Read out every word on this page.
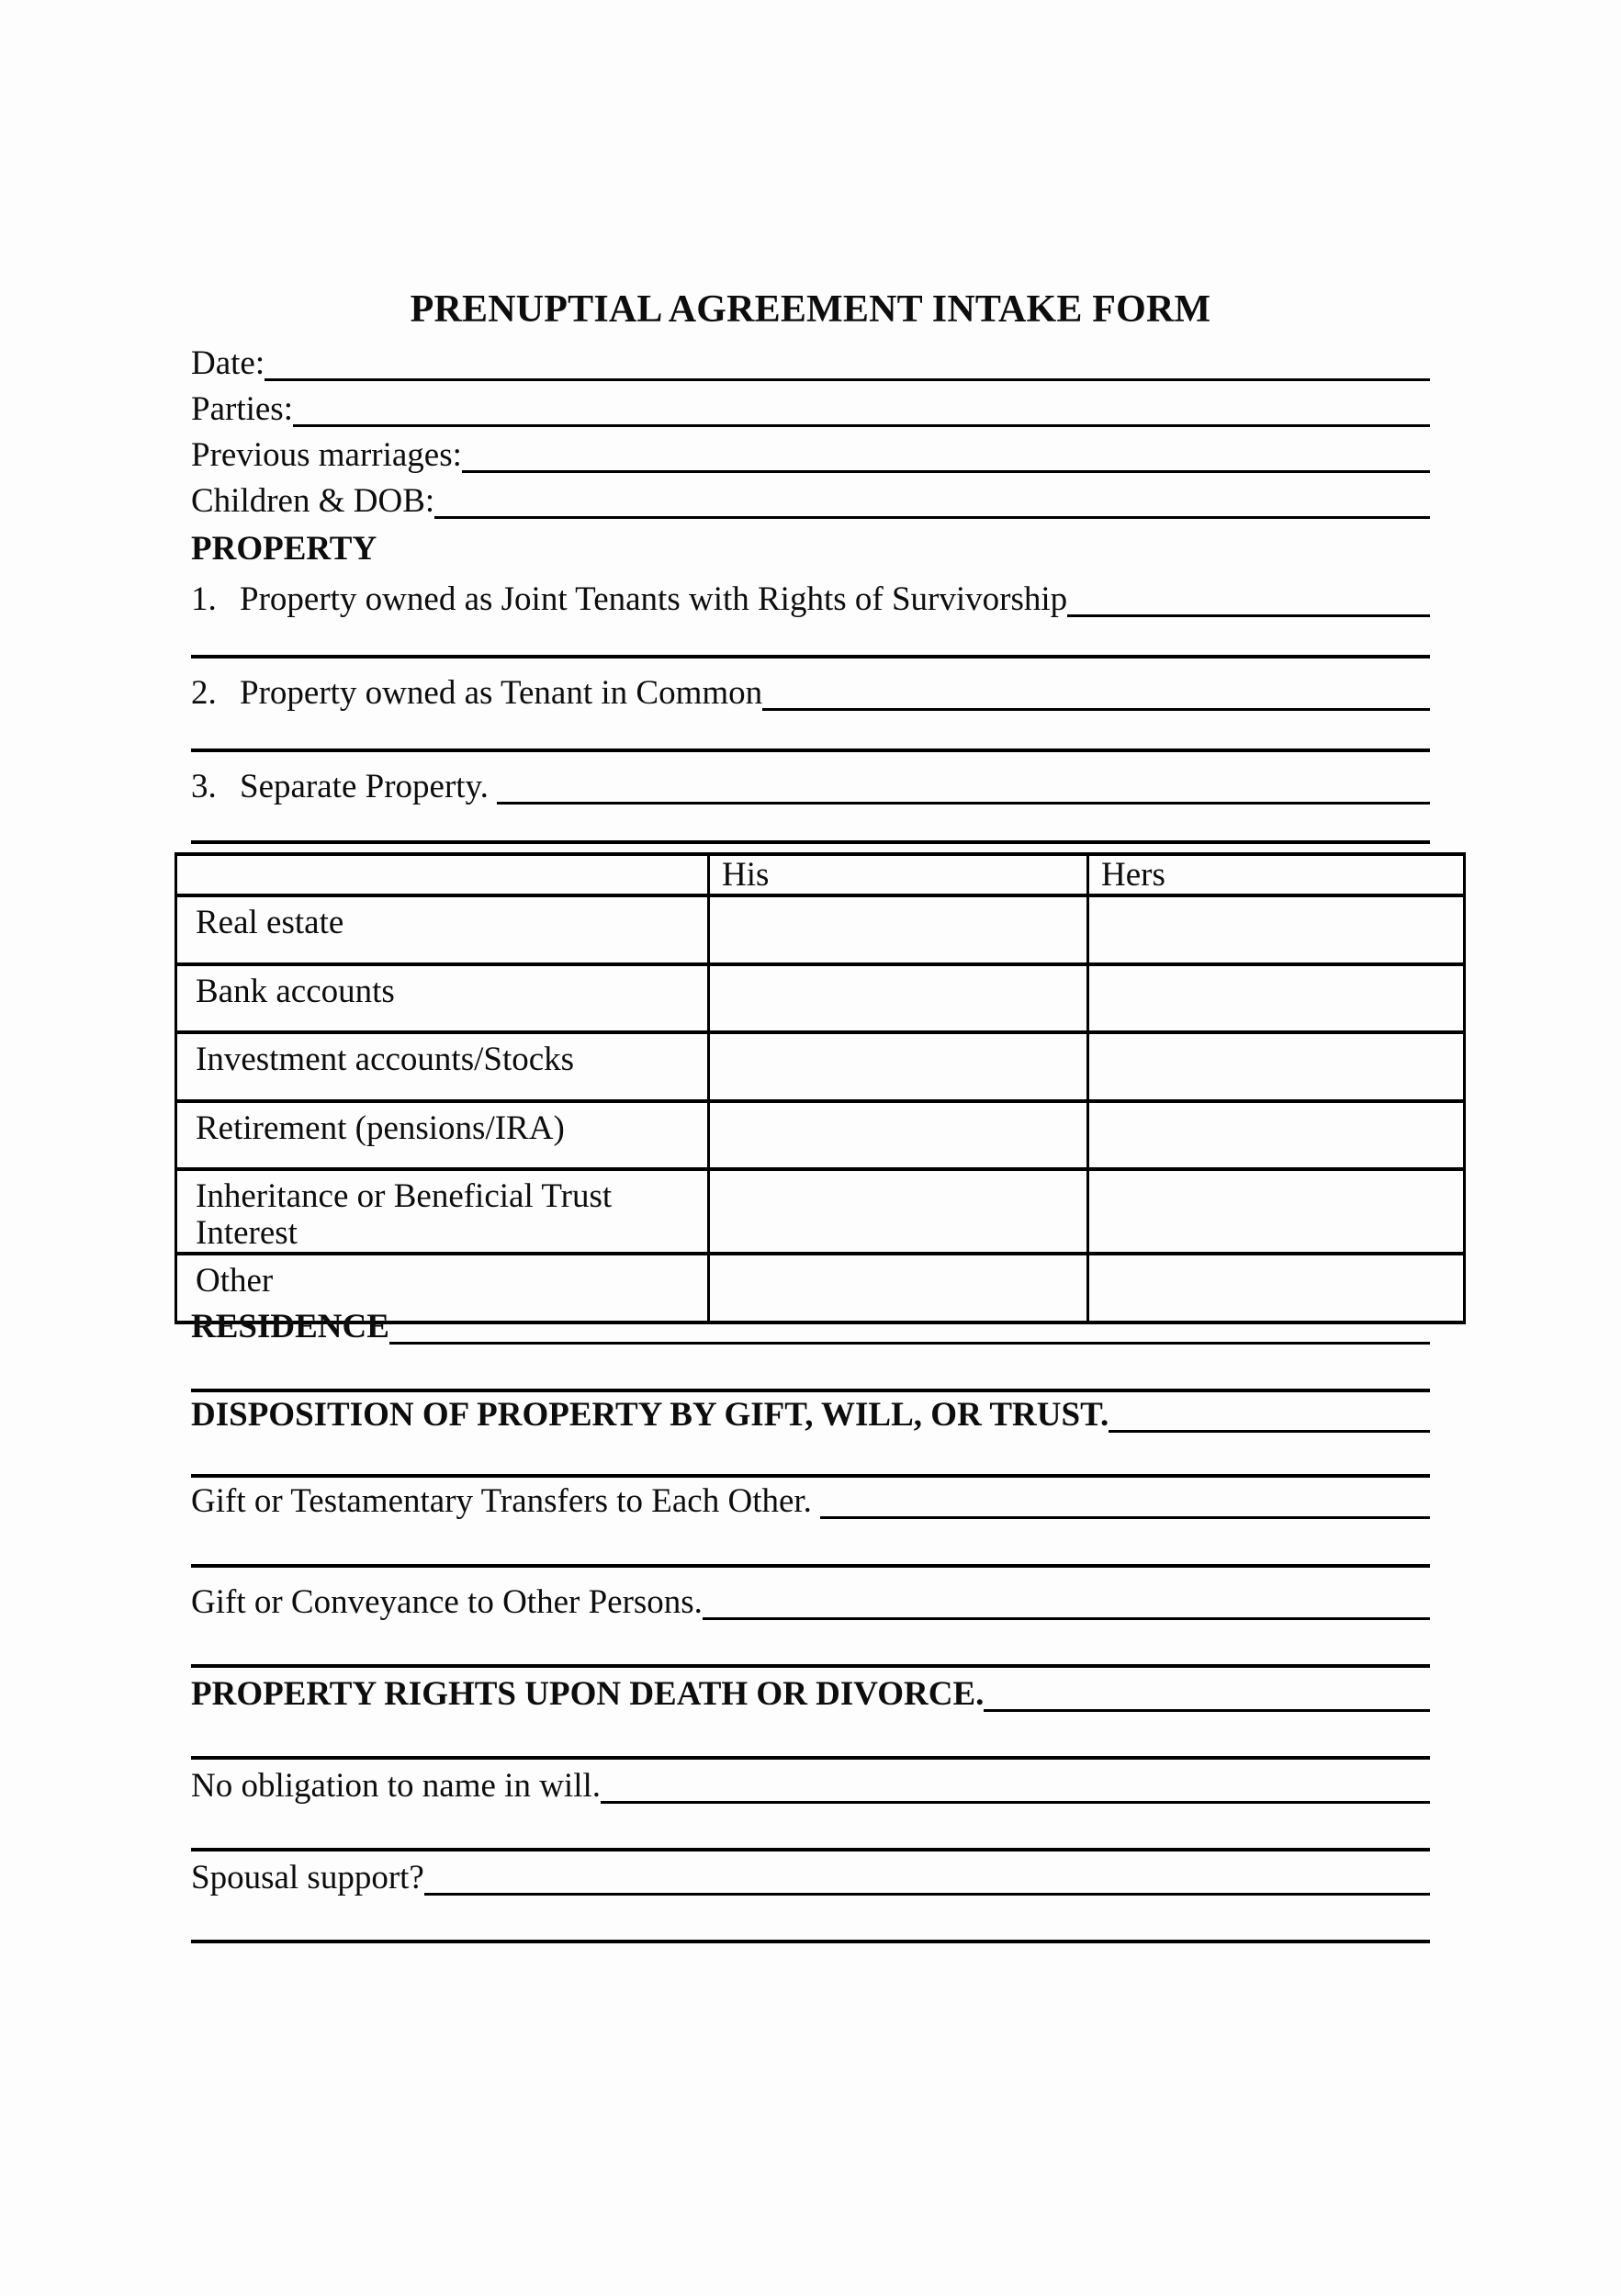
PRENUPTIAL AGREEMENT INTAKE FORM
Date:
Parties:
Previous marriages:
Children & DOB:
PROPERTY
1. Property owned as Joint Tenants with Rights of Survivorship
2. Property owned as Tenant in Common
3. Separate Property.
	His	Hers
Real estate		
Bank accounts		
Investment accounts/Stocks		
Retirement (pensions/IRA)		
Inheritance or Beneficial Trust Interest		
Other		
RESIDENCE
DISPOSITION OF PROPERTY BY GIFT, WILL, OR TRUST.
Gift or Testamentary Transfers to Each Other.
Gift or Conveyance to Other Persons.
PROPERTY RIGHTS UPON DEATH OR DIVORCE.
No obligation to name in will.
Spousal support?
